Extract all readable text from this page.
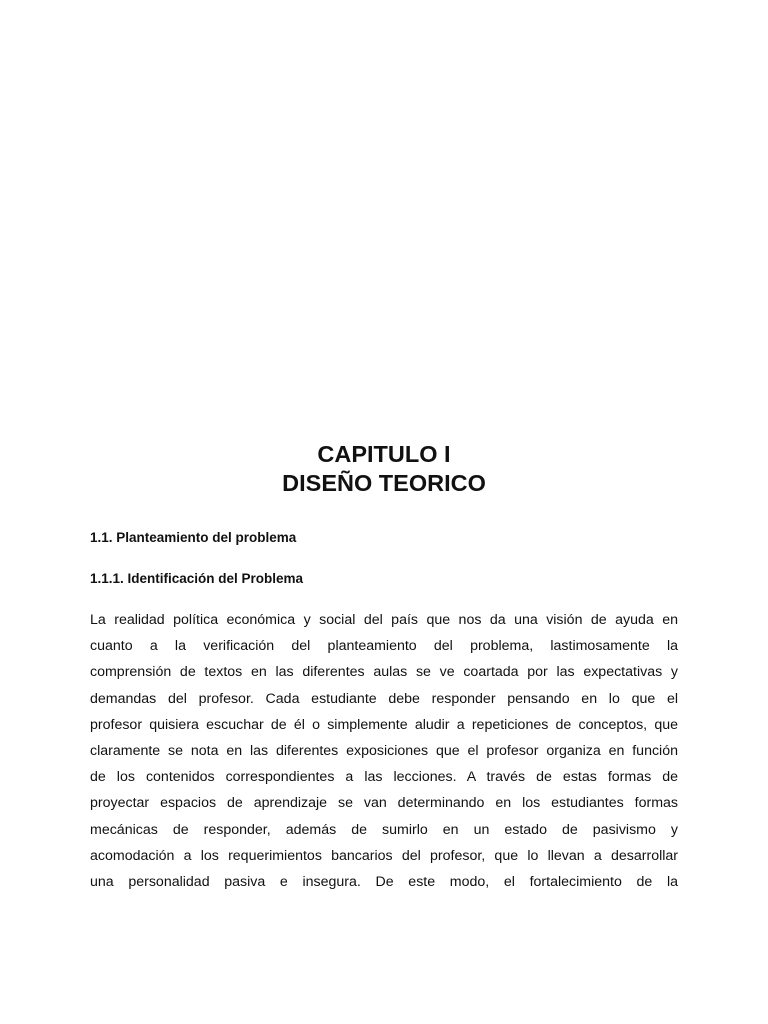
CAPITULO I
DISEÑO TEORICO
1.1. Planteamiento del problema
1.1.1. Identificación del Problema
La realidad política económica y social del país que nos da una visión de ayuda en
cuanto a la verificación del planteamiento del problema, lastimosamente la
comprensión de textos en las diferentes aulas se ve coartada por las expectativas y
demandas del profesor. Cada estudiante debe responder pensando en lo que el
profesor quisiera escuchar de él o simplemente aludir a repeticiones de conceptos, que
claramente se nota en las diferentes exposiciones que el profesor organiza en función
de los contenidos correspondientes a las lecciones. A través de estas formas de
proyectar espacios de aprendizaje se van determinando en los estudiantes formas
mecánicas de responder, además de sumirlo en un estado de pasivismo y
acomodación a los requerimientos bancarios del profesor, que lo llevan a desarrollar
una personalidad pasiva e insegura. De este modo, el fortalecimiento de la
